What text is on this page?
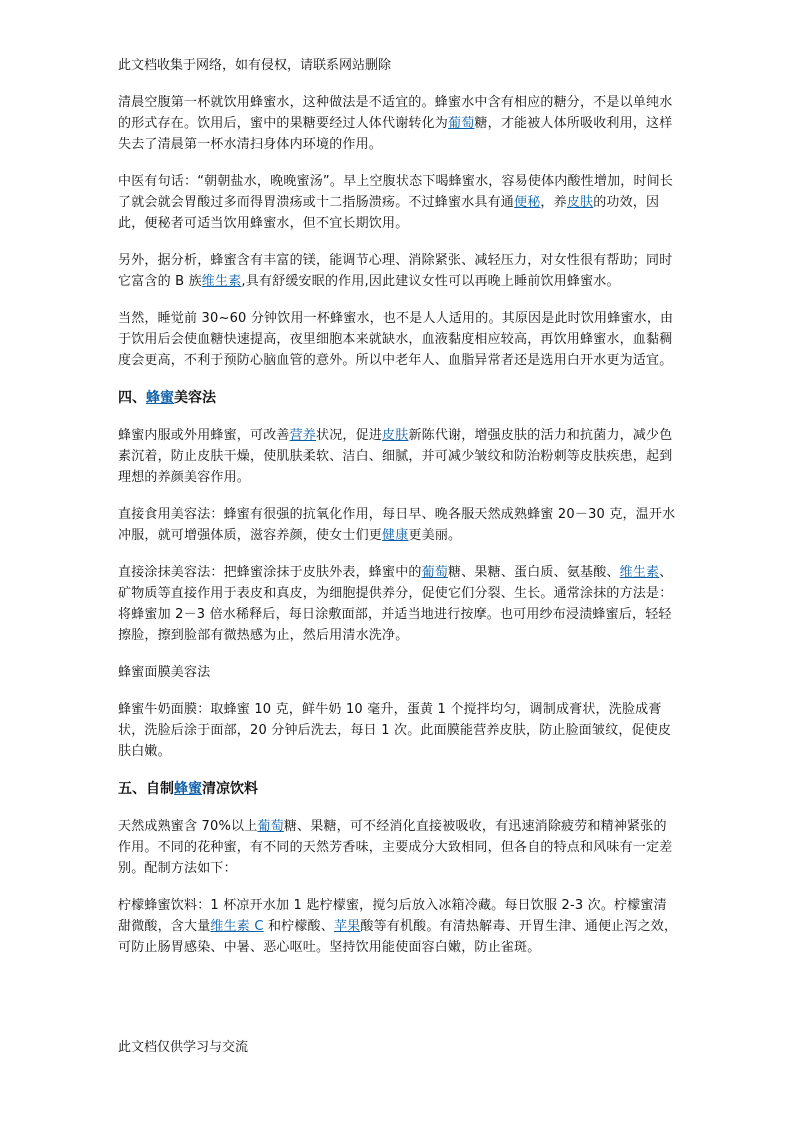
此文档收集于网络，如有侵权，请联系网站删除

清晨空腹第一杯就饮用蜂蜜水，这种做法是不适宜的。蜂蜜水中含有相应的糖分，不是以单纯水的形式存在。饮用后，蜜中的果糖要经过人体代谢转化为葡萄糖，才能被人体所吸收利用，这样失去了清晨第一杯水清扫身体内环境的作用。

中医有句话：“朝朝盐水，晚晚蜜汤”。早上空腹状态下喝蜂蜜水，容易使体内酸性增加，时间长了就会就会胃酸过多而得胃溃疡或十二指肠溃疡。不过蜂蜜水具有通便秘，养皮肤的功效，因此，便秘者可适当饮用蜂蜜水，但不宜长期饮用。

另外，据分析，蜂蜜含有丰富的镁，能调节心理、消除紧张、减轻压力，对女性很有帮助；同时它富含的 B 族维生素,具有舒缓安眠的作用,因此建议女性可以再晚上睡前饮用蜂蜜水。

当然，睡觉前 30~60 分钟饮用一杯蜂蜜水，也不是人人适用的。其原因是此时饮用蜂蜜水，由于饮用后会使血糖快速提高，夜里细胞本来就缺水，血液黏度相应较高，再饮用蜂蜜水，血黏稠度会更高，不利于预防心脑血管的意外。所以中老年人、血脂异常者还是选用白开水更为适宜。

四、蜂蜜美容法

蜂蜜内服或外用蜂蜜，可改善营养状况，促进皮肤新陈代谢，增强皮肤的活力和抗菌力，减少色素沉着，防止皮肤干燥，使肌肤柔软、洁白、细腻，并可减少皱纹和防治粉刺等皮肤疾患，起到理想的养颜美容作用。

直接食用美容法：蜂蜜有很强的抗氧化作用，每日早、晚各服天然成熟蜂蜜 20－30 克，温开水冲服，就可增强体质，滋容养颜，使女士们更健康更美丽。

直接涂抹美容法：把蜂蜜涂抹于皮肤外表，蜂蜜中的葡萄糖、果糖、蛋白质、氨基酸、维生素、矿物质等直接作用于表皮和真皮，为细胞提供养分，促使它们分裂、生长。通常涂抹的方法是：将蜂蜜加 2－3 倍水稀释后，每日涂敷面部，并适当地进行按摩。也可用纱布浸渍蜂蜜后，轻轻擦脸，擦到脸部有微热感为止，然后用清水洗净。

蜂蜜面膜美容法

蜂蜜牛奶面膜：取蜂蜜 10 克，鲜牛奶 10 毫升，蛋黄 1 个搅拌均匀，调制成膏状，洗脸成膏状，洗脸后涂于面部，20 分钟后洗去，每日 1 次。此面膜能营养皮肤，防止脸面皱纹，促使皮肤白嫩。

五、自制蜂蜜清凉饮料

天然成熟蜜含 70%以上葡萄糖、果糖，可不经消化直接被吸收，有迅速消除疲劳和精神紧张的作用。不同的花种蜜，有不同的天然芳香味，主要成分大致相同，但各自的特点和风味有一定差别。配制方法如下：

柠檬蜂蜜饮料：1 杯凉开水加 1 匙柠檬蜜，搅匀后放入冰箱冷藏。每日饮服 2-3 次。柠檬蜜清甜微酸，含大量维生素 C 和柠檬酸、苹果酸等有机酸。有清热解毒、开胃生津、通便止泻之效，可防止肠胃感染、中暑、恶心呕吐。坚持饮用能使面容白嫩，防止雀斑。

此文档仅供学习与交流
